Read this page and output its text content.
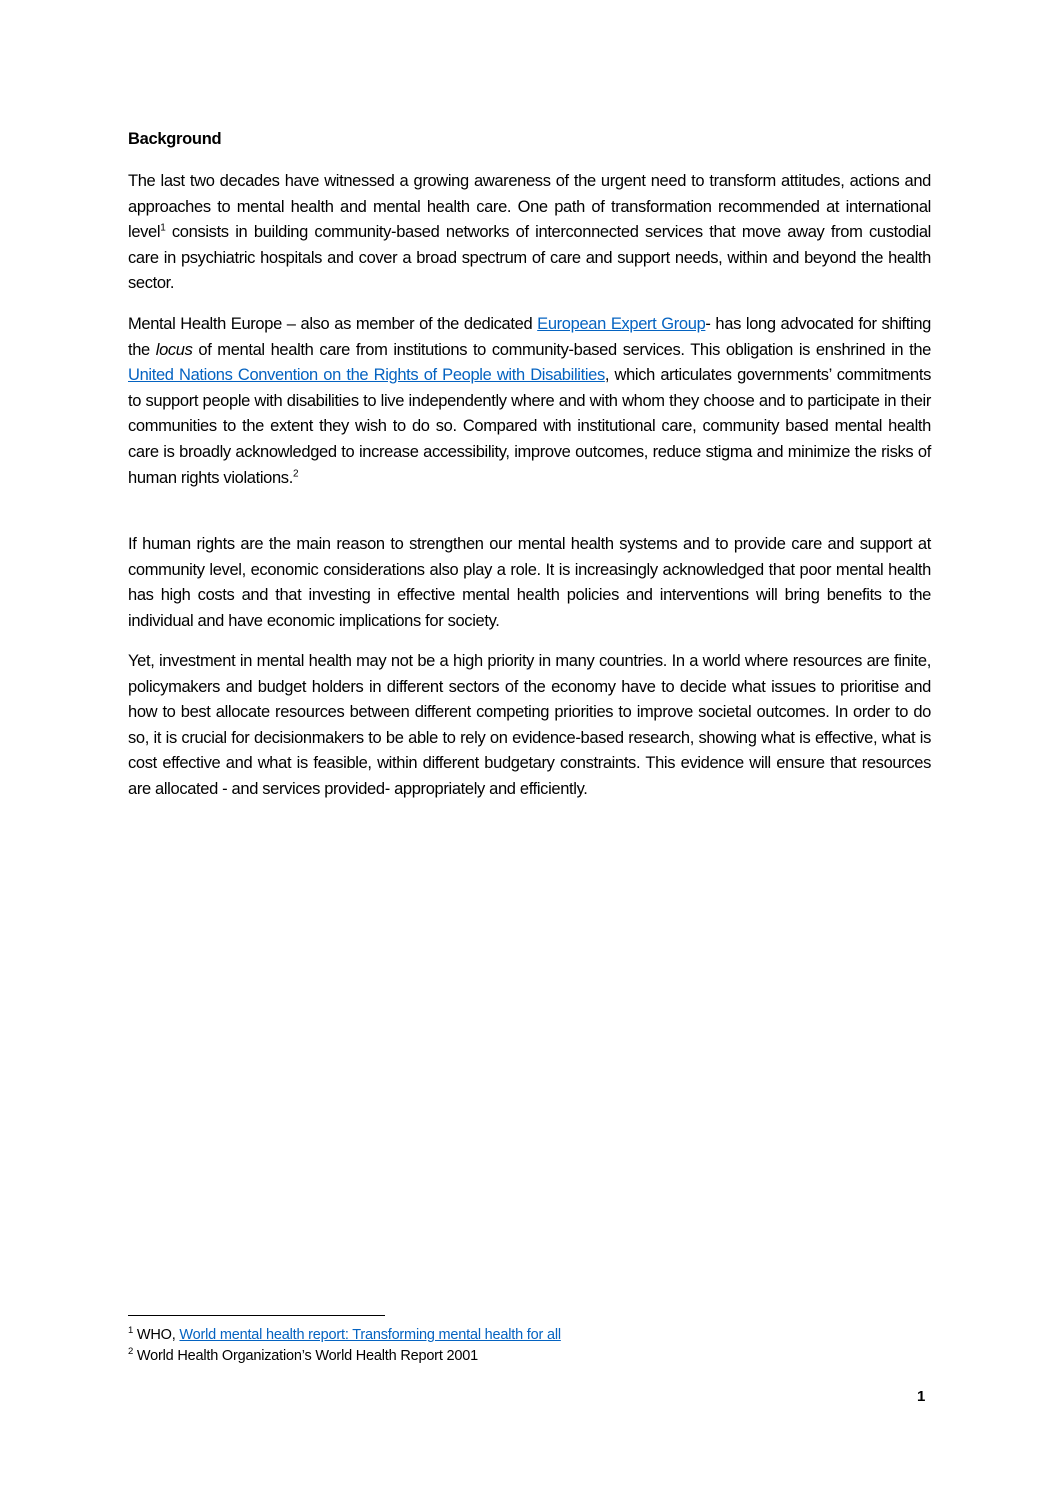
Background

The last two decades have witnessed a growing awareness of the urgent need to transform attitudes, actions and approaches to mental health and mental health care. One path of transformation recommended at international level$^1$ consists in building community-based networks of interconnected services that move away from custodial care in psychiatric hospitals and cover a broad spectrum of care and support needs, within and beyond the health sector.

Mental Health Europe – also as member of the dedicated European Expert Group- has long advocated for shifting the locus of mental health care from institutions to community-based services. This obligation is enshrined in the United Nations Convention on the Rights of People with Disabilities, which articulates governments’ commitments to support people with disabilities to live independently where and with whom they choose and to participate in their communities to the extent they wish to do so. Compared with institutional care, community based mental health care is broadly acknowledged to increase accessibility, improve outcomes, reduce stigma and minimize the risks of human rights violations.$^2$

If human rights are the main reason to strengthen our mental health systems and to provide care and support at community level, economic considerations also play a role. It is increasingly acknowledged that poor mental health has high costs and that investing in effective mental health policies and interventions will bring benefits to the individual and have economic implications for society.

Yet, investment in mental health may not be a high priority in many countries. In a world where resources are finite, policymakers and budget holders in different sectors of the economy have to decide what issues to prioritise and how to best allocate resources between different competing priorities to improve societal outcomes. In order to do so, it is crucial for decisionmakers to be able to rely on evidence-based research, showing what is effective, what is cost effective and what is feasible, within different budgetary constraints. This evidence will ensure that resources are allocated - and services provided- appropriately and efficiently.

$^1$ WHO, World mental health report: Transforming mental health for all
$^2$ World Health Organization’s World Health Report 2001
1
